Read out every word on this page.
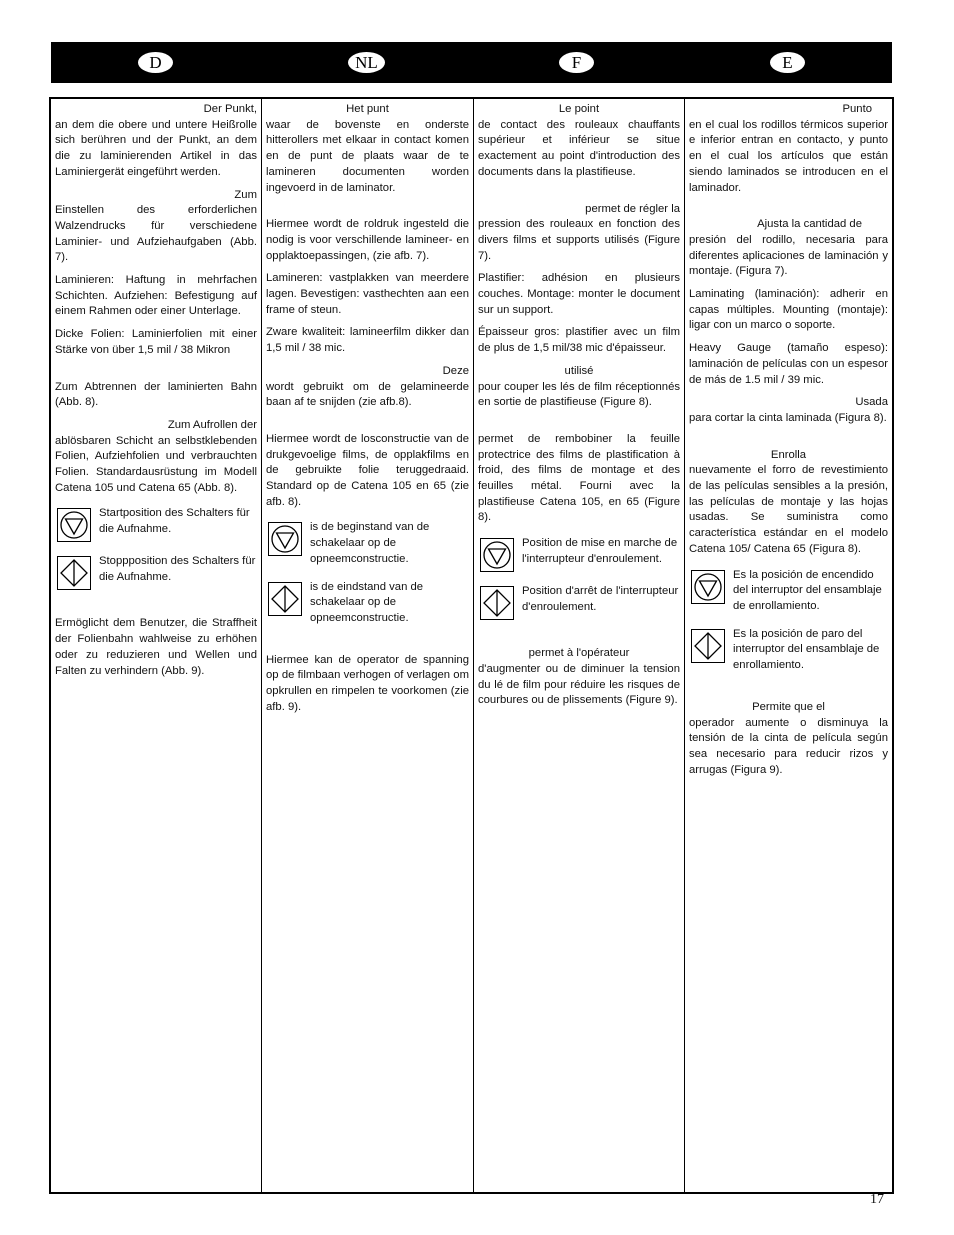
D	NL	F	E

Der Punkt,
an dem die obere und untere Heißrolle sich berühren und der Punkt, an dem die zu laminierenden Artikel in das Laminiergerät eingeführt werden.

Zum
Einstellen des erforderlichen Walzendrucks für verschiedene Laminier- und Aufziehaufgaben (Abb. 7).

Laminieren: Haftung in mehrfachen Schichten. Aufziehen: Befestigung auf einem Rahmen oder einer Unterlage.

Dicke Folien: Laminierfolien mit einer Stärke von über 1,5 mil / 38 Mikron

Zum Abtrennen der laminierten Bahn (Abb. 8).

Zum Aufrollen der
ablösbaren Schicht an selbstklebenden Folien, Aufziehfolien und verbrauchten Folien. Standardausrüstung im Modell Catena 105 und Catena 65 (Abb. 8).

Startposition des Schalters für die Aufnahme.

Stoppposition des Schalters für die Aufnahme.

Ermöglicht dem Benutzer, die Straffheit der Folienbahn wahlweise zu erhöhen oder zu reduzieren und Wellen und Falten zu verhindern (Abb. 9).

Het punt
waar de bovenste en onderste hitterollers met elkaar in contact komen en de punt de plaats waar de te lamineren documenten worden ingevoerd in de laminator.

Hiermee wordt de roldruk ingesteld die nodig is voor verschillende lamineer- en opplaktoepassingen, (zie afb. 7).

Lamineren: vastplakken van meerdere lagen. Bevestigen: vasthechten aan een frame of steun.

Zware kwaliteit: lamineerfilm dikker dan 1,5 mil / 38 mic.

Deze
wordt gebruikt om de gelamineerde baan af te snijden (zie afb.8).

Hiermee wordt de losconstructie van de drukgevoelige films, de opplakfilms en de gebruikte folie teruggedraaid. Standard op de Catena 105 en 65 (zie afb. 8).

is de beginstand van de schakelaar op de opneemconstructie.

is de eindstand van de schakelaar op de opneemconstructie.

Hiermee kan de operator de spanning op de filmbaan verhogen of verlagen om opkrullen en rimpelen te voorkomen (zie afb. 9).

Le point
de contact des rouleaux chauffants supérieur et inférieur se situe exactement au point d'introduction des documents dans la plastifieuse.

permet de régler la
pression des rouleaux en fonction des divers films et supports utilisés (Figure 7).

Plastifier: adhésion en plusieurs couches. Montage: monter le document sur un support.

Épaisseur gros: plastifier avec un film de plus de 1,5 mil/38 mic d'épaisseur.

utilisé
pour couper les lés de film réceptionnés en sortie de plastifieuse (Figure 8).

permet de rembobiner la feuille protectrice des films de plastification à froid, des films de montage et des feuilles métal. Fourni avec la plastifieuse Catena 105, en 65 (Figure 8).

Position de mise en marche de l'interrupteur d'enroulement.

Position d'arrêt de l'interrupteur d'enroulement.

permet à l'opérateur
d'augmenter ou de diminuer la tension du lé de film pour réduire les risques de courbures ou de plissements (Figure 9).

Punto
en el cual los rodillos térmicos superior e inferior entran en contacto, y punto en el cual los artículos que están siendo laminados se introducen en el laminador.

Ajusta la cantidad de
presión del rodillo, necesaria para diferentes aplicaciones de laminación y montaje. (Figura 7).

Laminating (laminación): adherir en capas múltiples. Mounting (montaje): ligar con un marco o soporte.

Heavy Gauge (tamaño espeso): laminación de películas con un espesor de más de 1.5 mil / 39 mic.

Usada
para cortar la cinta laminada (Figura 8).

Enrolla
nuevamente el forro de revestimiento de las películas sensibles a la presión, las películas de montaje y las hojas usadas. Se suministra como característica estándar en el modelo Catena 105/ Catena 65 (Figura 8).

Es la posición de encendido del interruptor del ensamblaje de enrollamiento.

Es la posición de paro del interruptor del ensamblaje de enrollamiento.

Permite que el
operador aumente o disminuya la tensión de la cinta de película según sea necesario para reducir rizos y arrugas (Figura 9).

17
